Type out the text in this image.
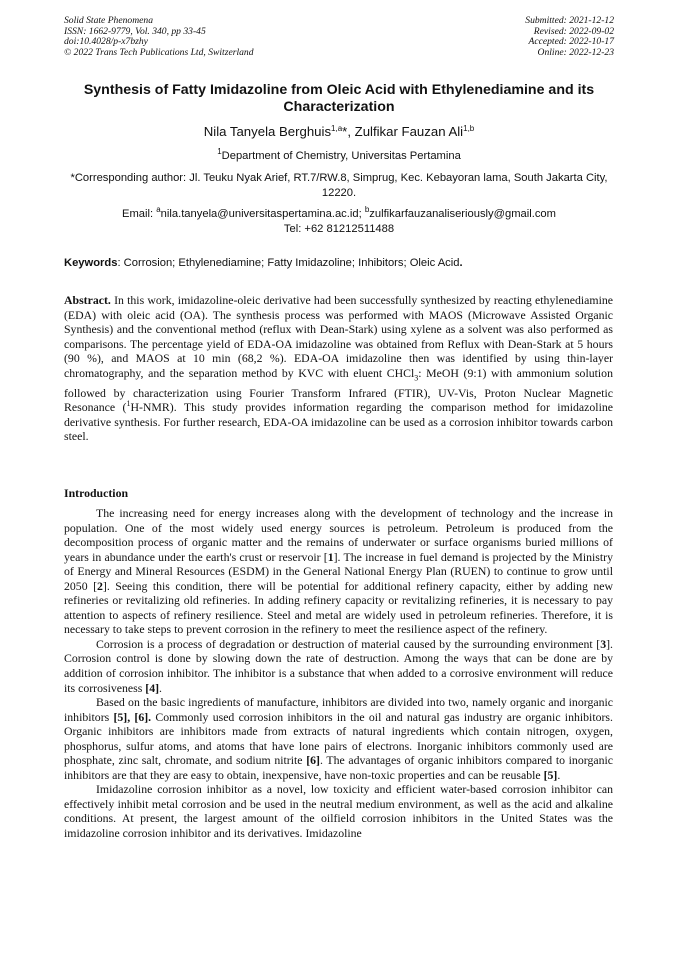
Solid State Phenomena
ISSN: 1662-9779, Vol. 340, pp 33-45
doi:10.4028/p-x7bzhy
© 2022 Trans Tech Publications Ltd, Switzerland
Submitted: 2021-12-12
Revised: 2022-09-02
Accepted: 2022-10-17
Online: 2022-12-23
Synthesis of Fatty Imidazoline from Oleic Acid with Ethylenediamine and its Characterization
Nila Tanyela Berghuis$^{1,a}$*, Zulfikar Fauzan Ali$^{1,b}$
$^1$Department of Chemistry, Universitas Pertamina
*Corresponding author: Jl. Teuku Nyak Arief, RT.7/RW.8, Simprug, Kec. Kebayoran lama, South Jakarta City, 12220.
Email: $^a$nila.tanyela@universitaspertamina.ac.id; $^b$zulfikarfauzanaliseriously@gmail.com
Tel: +62 81212511488
Keywords: Corrosion; Ethylenediamine; Fatty Imidazoline; Inhibitors; Oleic Acid.
Abstract. In this work, imidazoline-oleic derivative had been successfully synthesized by reacting ethylenediamine (EDA) with oleic acid (OA). The synthesis process was performed with MAOS (Microwave Assisted Organic Synthesis) and the conventional method (reflux with Dean-Stark) using xylene as a solvent was also performed as comparisons. The percentage yield of EDA-OA imidazoline was obtained from Reflux with Dean-Stark at 5 hours (90 %), and MAOS at 10 min (68,2 %). EDA-OA imidazoline then was identified by using thin-layer chromatography, and the separation method by KVC with eluent CHCl$_3$: MeOH (9:1) with ammonium solution followed by characterization using Fourier Transform Infrared (FTIR), UV-Vis, Proton Nuclear Magnetic Resonance ($^1$H-NMR). This study provides information regarding the comparison method for imidazoline derivative synthesis. For further research, EDA-OA imidazoline can be used as a corrosion inhibitor towards carbon steel.
Introduction

The increasing need for energy increases along with the development of technology and the increase in population. One of the most widely used energy sources is petroleum. Petroleum is produced from the decomposition process of organic matter and the remains of underwater or surface organisms buried millions of years in abundance under the earth's crust or reservoir [1]. The increase in fuel demand is projected by the Ministry of Energy and Mineral Resources (ESDM) in the General National Energy Plan (RUEN) to continue to grow until 2050 [2]. Seeing this condition, there will be potential for additional refinery capacity, either by adding new refineries or revitalizing old refineries. In adding refinery capacity or revitalizing refineries, it is necessary to pay attention to aspects of refinery resilience. Steel and metal are widely used in petroleum refineries. Therefore, it is necessary to take steps to prevent corrosion in the refinery to meet the resilience aspect of the refinery.

Corrosion is a process of degradation or destruction of material caused by the surrounding environment [3]. Corrosion control is done by slowing down the rate of destruction. Among the ways that can be done are by addition of corrosion inhibitor. The inhibitor is a substance that when added to a corrosive environment will reduce its corrosiveness [4].

Based on the basic ingredients of manufacture, inhibitors are divided into two, namely organic and inorganic inhibitors [5], [6]. Commonly used corrosion inhibitors in the oil and natural gas industry are organic inhibitors. Organic inhibitors are inhibitors made from extracts of natural ingredients which contain nitrogen, oxygen, phosphorus, sulfur atoms, and atoms that have lone pairs of electrons. Inorganic inhibitors commonly used are phosphate, zinc salt, chromate, and sodium nitrite [6]. The advantages of organic inhibitors compared to inorganic inhibitors are that they are easy to obtain, inexpensive, have non-toxic properties and can be reusable [5].

Imidazoline corrosion inhibitor as a novel, low toxicity and efficient water-based corrosion inhibitor can effectively inhibit metal corrosion and be used in the neutral medium environment, as well as the acid and alkaline conditions. At present, the largest amount of the oilfield corrosion inhibitors in the United States was the imidazoline corrosion inhibitor and its derivatives. Imidazoline
